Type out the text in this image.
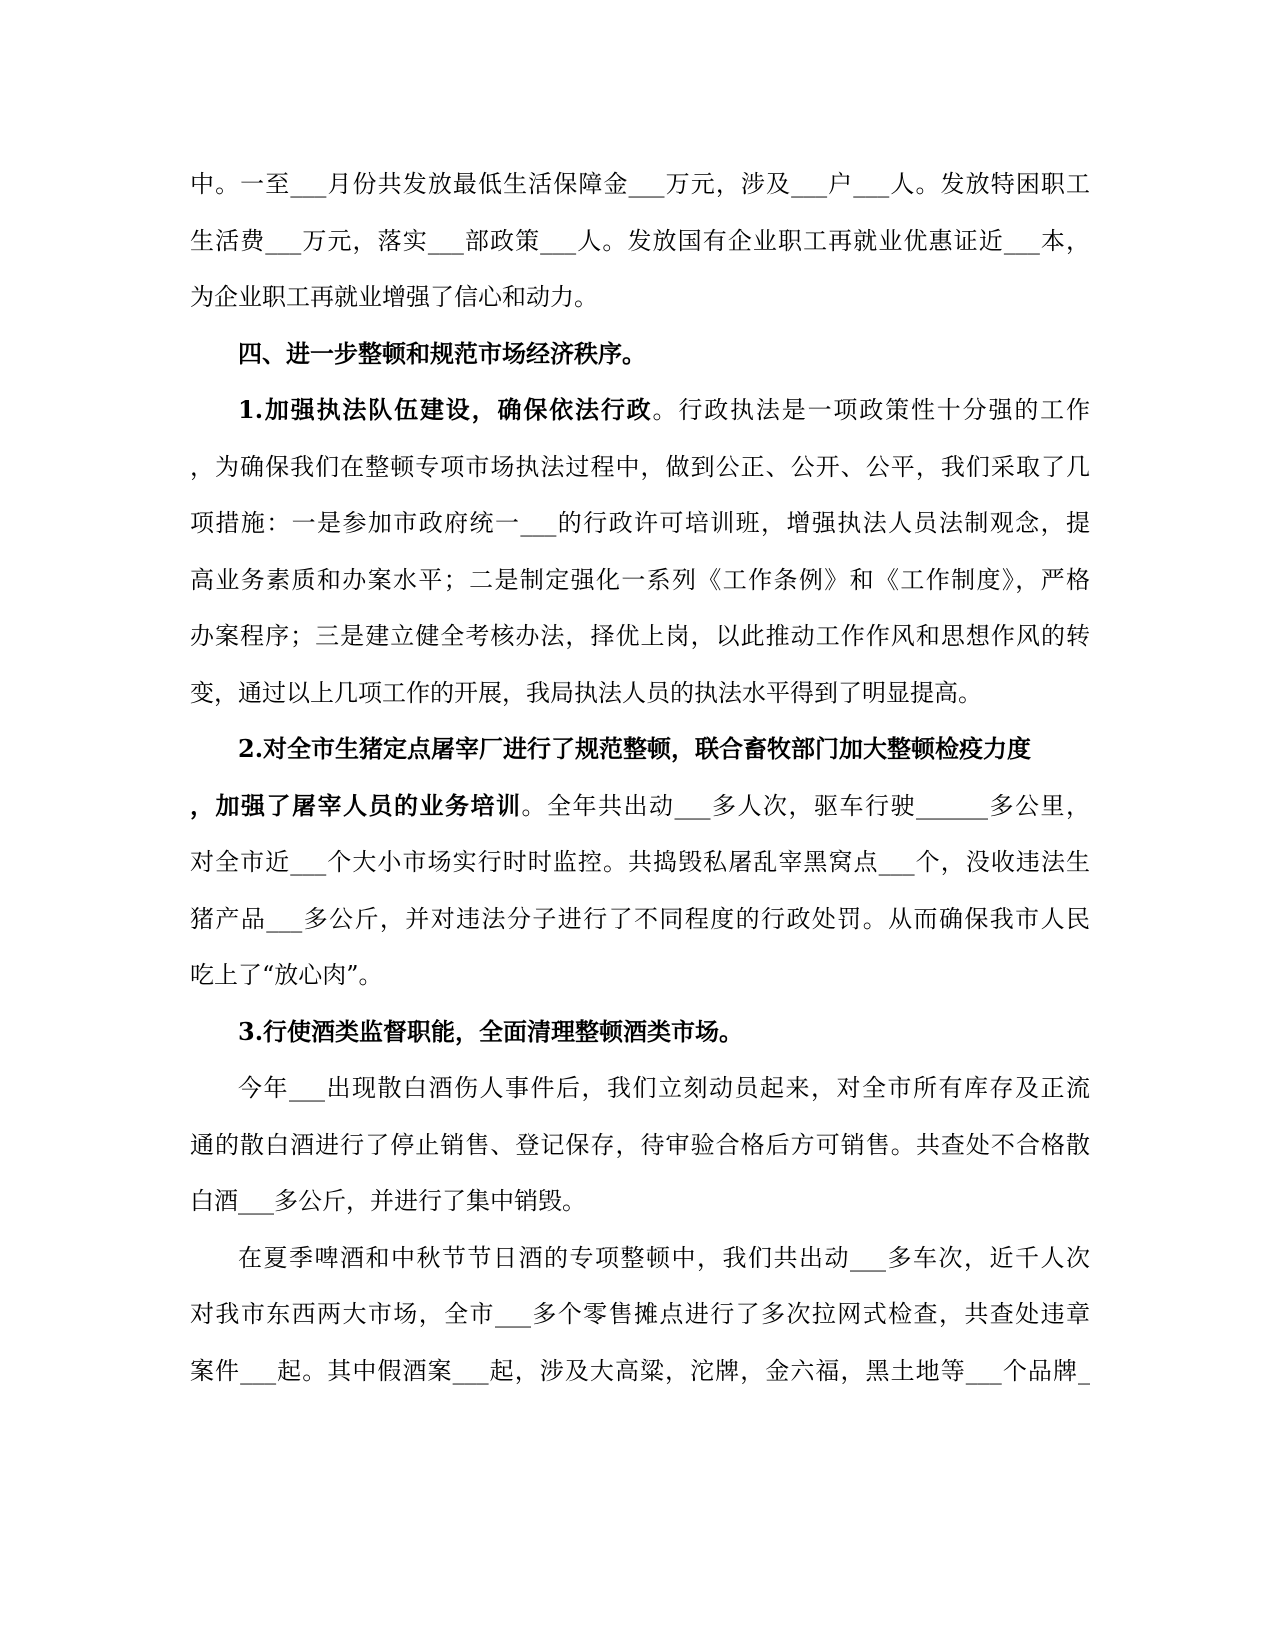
中。一至___月份共发放最低生活保障金___万元，涉及___户___人。发放特困职工

生活费___万元，落实___部政策___人。发放国有企业职工再就业优惠证近___本，

为企业职工再就业增强了信心和动力。

四、进一步整顿和规范市场经济秩序。

1.加强执法队伍建设，确保依法行政。行政执法是一项政策性十分强的工作

，为确保我们在整顿专项市场执法过程中，做到公正、公开、公平，我们采取了几

项措施：一是参加市政府统一___的行政许可培训班，增强执法人员法制观念，提

高业务素质和办案水平；二是制定强化一系列《工作条例》和《工作制度》，严格

办案程序；三是建立健全考核办法，择优上岗，以此推动工作作风和思想作风的转

变，通过以上几项工作的开展，我局执法人员的执法水平得到了明显提高。

2.对全市生猪定点屠宰厂进行了规范整顿，联合畜牧部门加大整顿检疫力度

，加强了屠宰人员的业务培训。全年共出动___多人次，驱车行驶______多公里，

对全市近___个大小市场实行时时监控。共捣毁私屠乱宰黑窝点___个，没收违法生

猪产品___多公斤，并对违法分子进行了不同程度的行政处罚。从而确保我市人民

吃上了“放心肉”。

3.行使酒类监督职能，全面清理整顿酒类市场。

今年___出现散白酒伤人事件后，我们立刻动员起来，对全市所有库存及正流

通的散白酒进行了停止销售、登记保存，待审验合格后方可销售。共查处不合格散

白酒___多公斤，并进行了集中销毁。

在夏季啤酒和中秋节节日酒的专项整顿中，我们共出动___多车次，近千人次

对我市东西两大市场，全市___多个零售摊点进行了多次拉网式检查，共查处违章

案件___起。其中假酒案___起，涉及大高粱，沱牌，金六福，黑土地等___个品牌_
